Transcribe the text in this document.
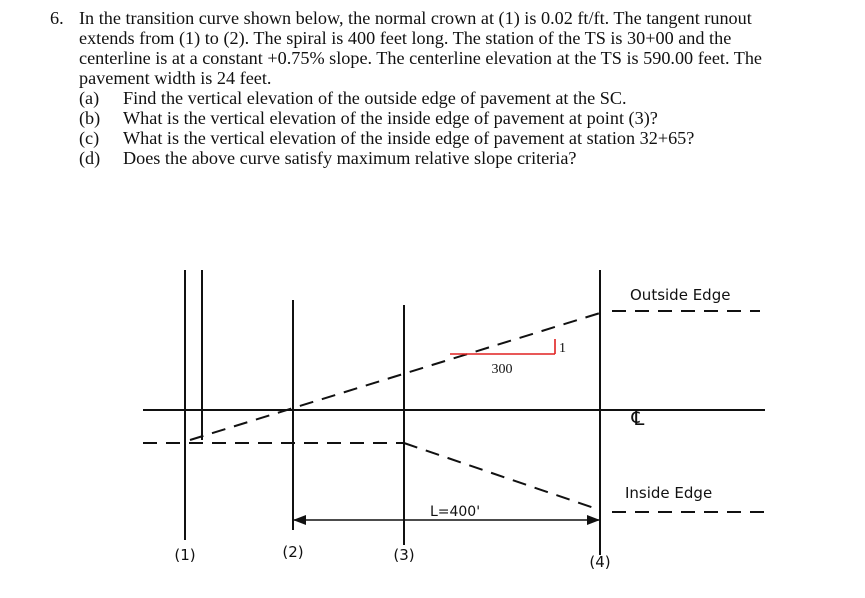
6. In the transition curve shown below, the normal crown at (1) is 0.02 ft/ft. The tangent runout
extends from (1) to (2). The spiral is 400 feet long. The station of the TS is 30+00 and the
centerline is at a constant +0.75% slope. The centerline elevation at the TS is 590.00 feet. The
pavement width is 24 feet.
(a) Find the vertical elevation of the outside edge of pavement at the SC.
(b) What is the vertical elevation of the inside edge of pavement at point (3)?
(c) What is the vertical elevation of the inside edge of pavement at station 32+65?
(d) Does the above curve satisfy maximum relative slope criteria?
300
1
L=400'
Outside Edge
℄
Inside Edge
(1)	(2)	(3)	(4)
